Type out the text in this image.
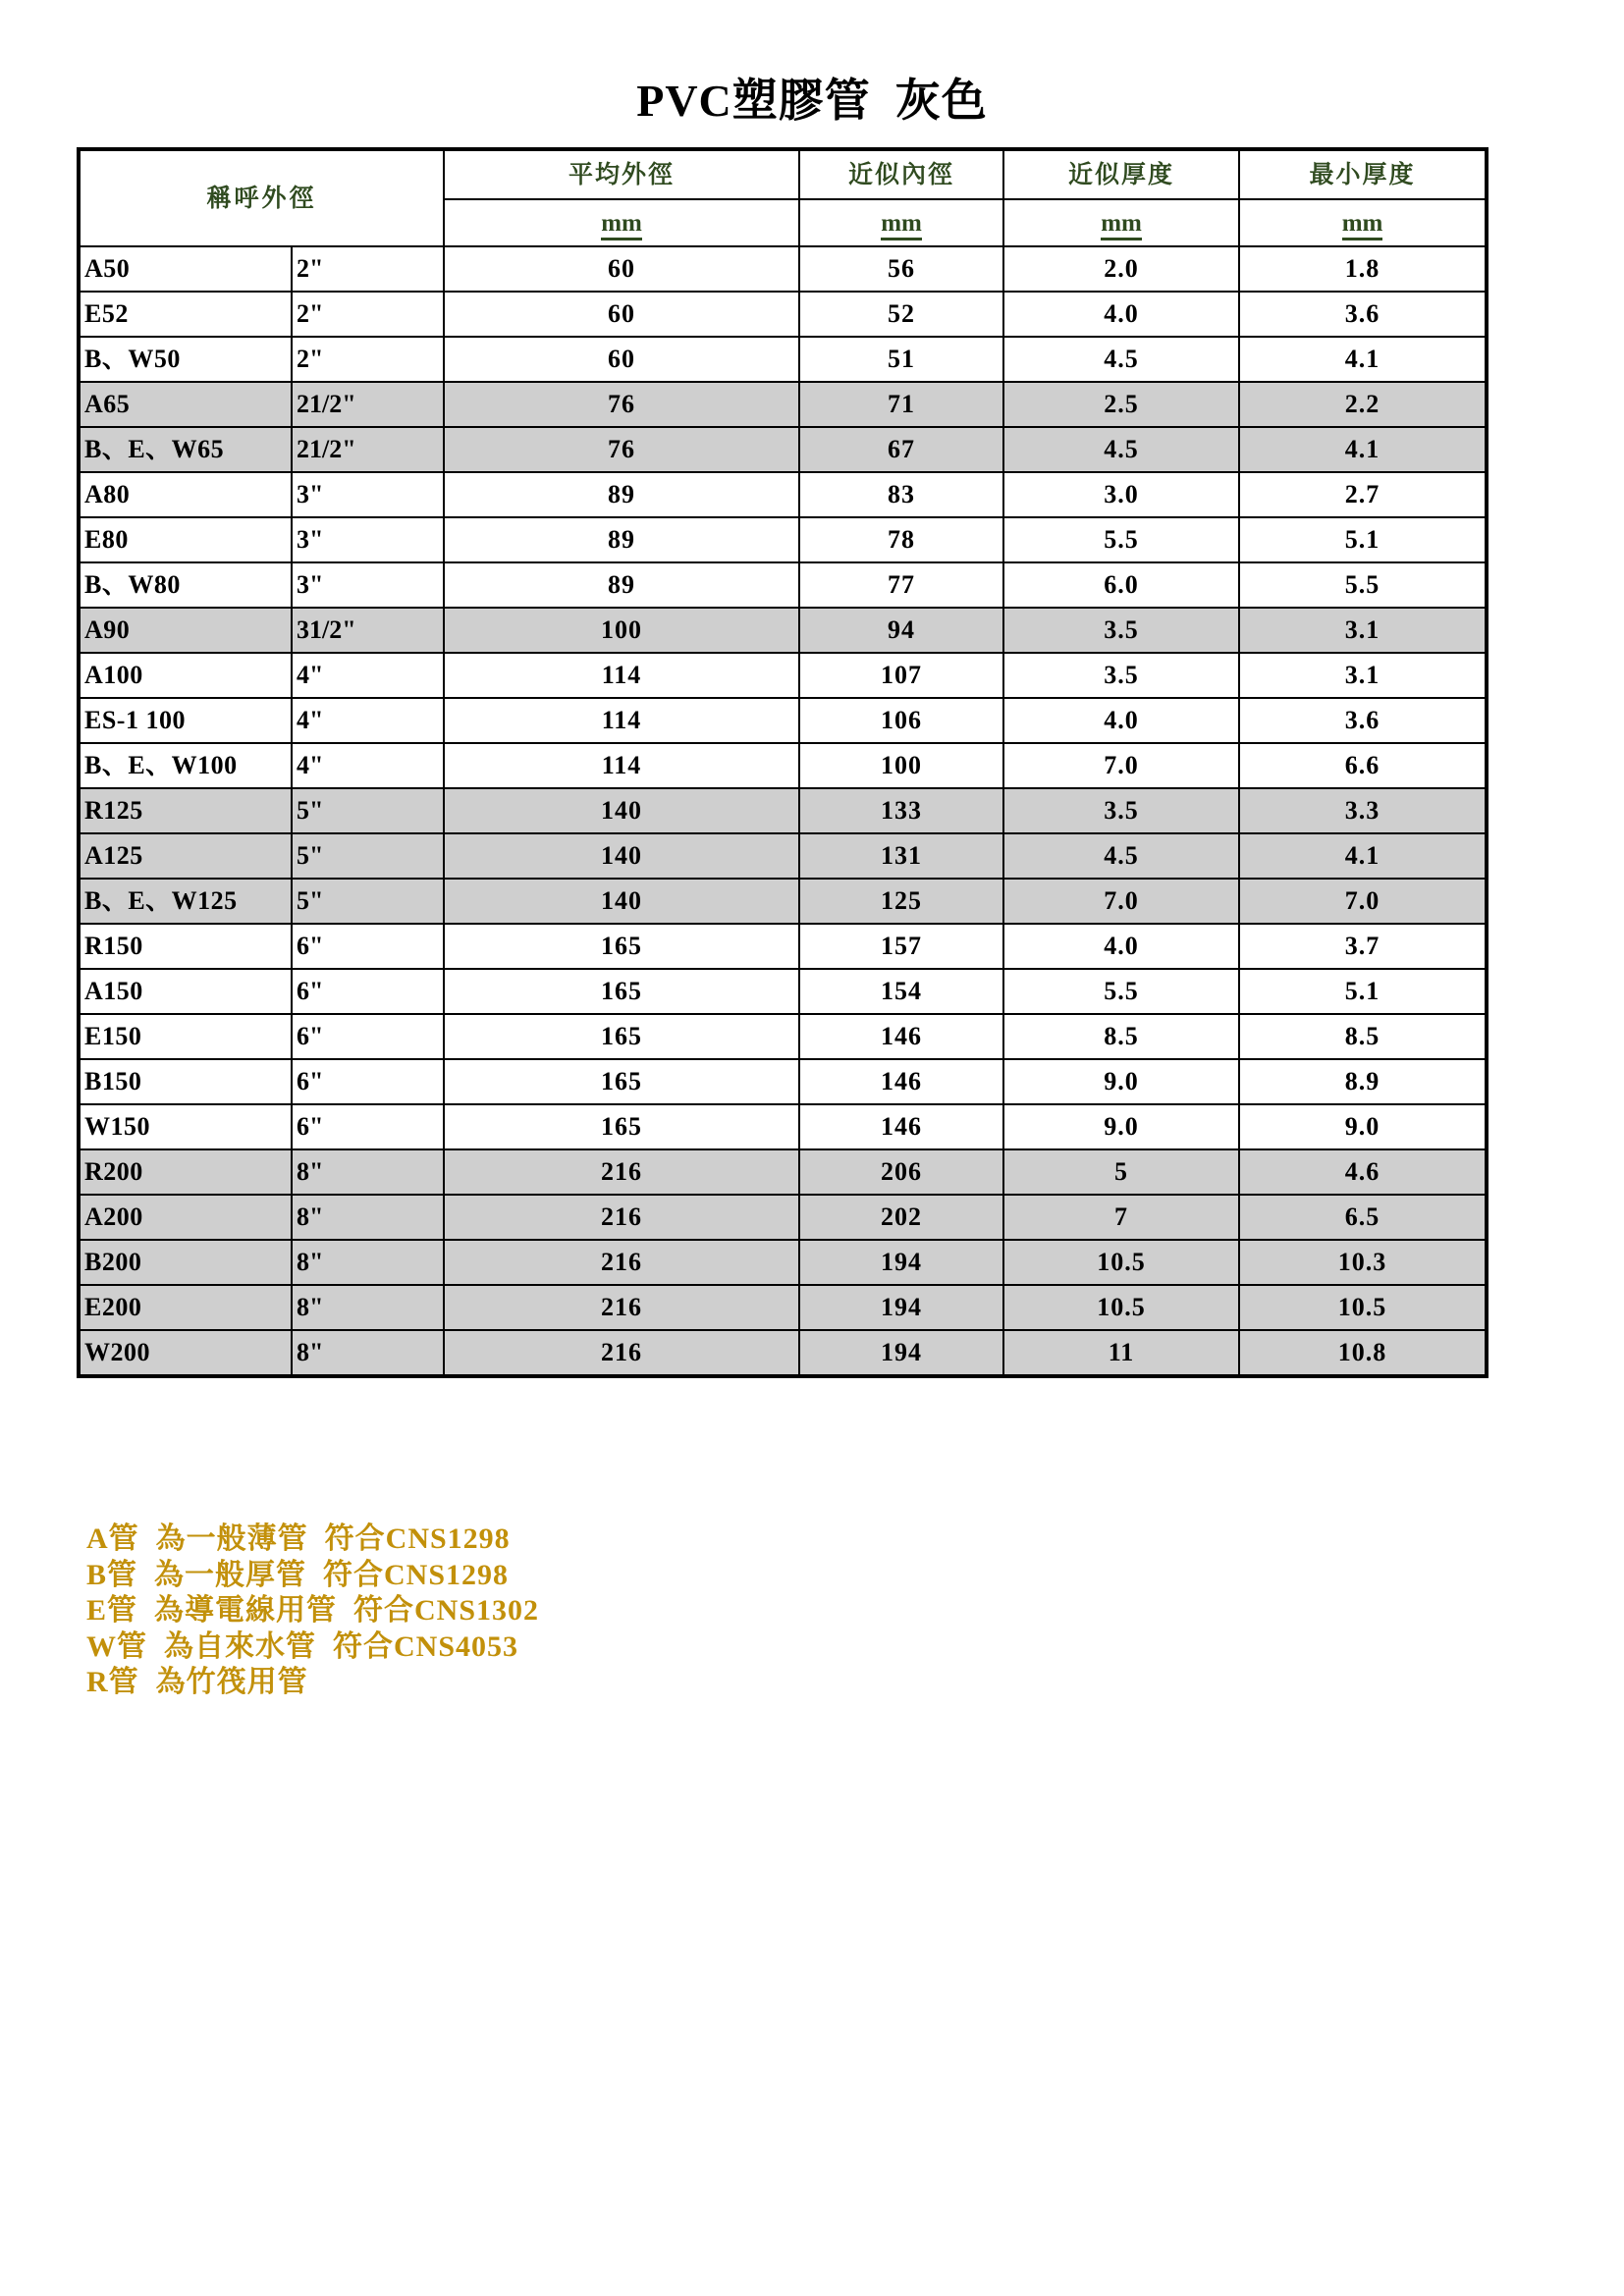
PVC塑膠管  灰色
稱呼外徑		平均外徑	近似內徑	近似厚度	最小厚度
		mm	mm	mm	mm
A50	2"	60	56	2.0	1.8
E52	2"	60	52	4.0	3.6
B、W50	2"	60	51	4.5	4.1
A65	21/2"	76	71	2.5	2.2
B、E、W65	21/2"	76	67	4.5	4.1
A80	3"	89	83	3.0	2.7
E80	3"	89	78	5.5	5.1
B、W80	3"	89	77	6.0	5.5
A90	31/2"	100	94	3.5	3.1
A100	4"	114	107	3.5	3.1
ES-1 100	4"	114	106	4.0	3.6
B、E、W100	4"	114	100	7.0	6.6
R125	5"	140	133	3.5	3.3
A125	5"	140	131	4.5	4.1
B、E、W125	5"	140	125	7.0	7.0
R150	6"	165	157	4.0	3.7
A150	6"	165	154	5.5	5.1
E150	6"	165	146	8.5	8.5
B150	6"	165	146	9.0	8.9
W150	6"	165	146	9.0	9.0
R200	8"	216	206	5	4.6
A200	8"	216	202	7	6.5
B200	8"	216	194	10.5	10.3
E200	8"	216	194	10.5	10.5
W200	8"	216	194	11	10.8
A管  為一般薄管  符合CNS1298
B管  為一般厚管  符合CNS1298
E管  為導電線用管  符合CNS1302
W管  為自來水管  符合CNS4053
R管  為竹筏用管
